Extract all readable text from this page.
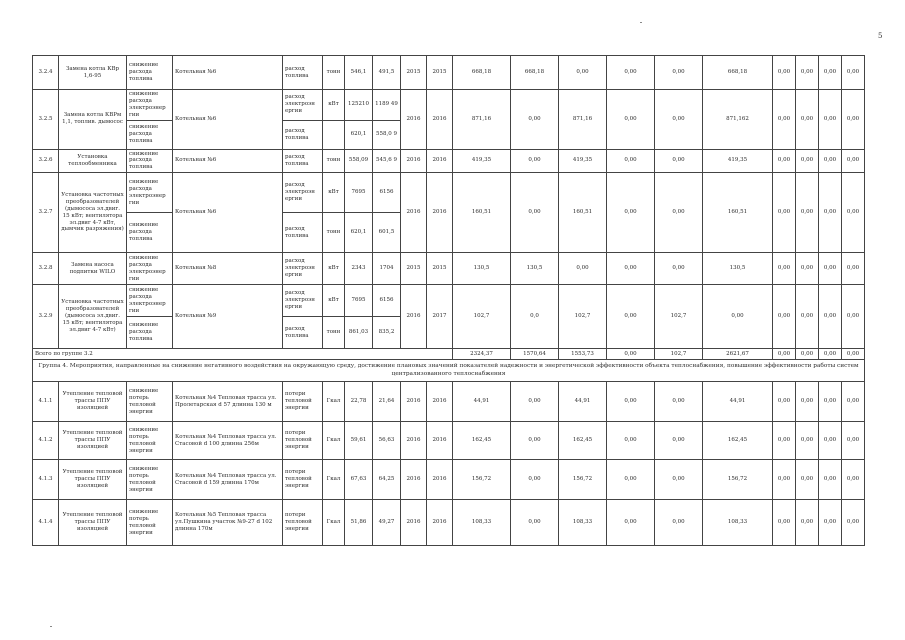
5
3.2.4	Замена котла КВр 1,6-95	снижение расхода топлива	Котельная №6	расход топлива	тонн	546,1	491,5	2015	2015	668,18	668,18	0,00	0,00	0,00	668,18	0,00	0,00	0,00	0,00
3.2.5	Замена котла КВРм 1,1, топлив. дымосос	снижение расхода электроэнер гии	Котельная №6	расход электроэн ергии	кВт	125210	1189 49	2016	2016	871,16	0,00	871,16	0,00	0,00	871,162	0,00	0,00	0,00	0,00
		снижение расхода топлива		расход топлива		620,1	558,0 9												
3.2.6	Установка теплообменника	снижение расхода топлива	Котельная №6	расход топлива	тонн	558,09	545,6 9	2016	2016	419,35	0,00	419,35	0,00	0,00	419,35	0,00	0,00	0,00	0,00
3.2.7	Установка частотных преобразователей (дымососа эл.двиг. 15 кВт; вентилятора эл.двиг 4-7 кВт, дымчик разряжения)	снижение расхода электроэнер гии	Котельная №6	расход электроэн ергии	кВт	7695	6156	2016	2016	160,51	0,00	160,51	0,00	0,00	160,51	0,00	0,00	0,00	0,00
		снижение расхода топлива		расход топлива	тонн	620,1	601,5												
3.2.8	Замена насоса подпитки WILO	снижение расхода электроэнер гии	Котельная №8	расход электроэн ергии	кВт	2343	1704	2015	2015	130,5	130,5	0,00	0,00	0,00	130,5	0,00	0,00	0,00	0,00
3.2.9	Установка частотных преобразователей (дымососа эл.двиг. 15 кВт; вентилятора эл.двиг 4-7 кВт)	снижение расхода электроэнер гии	Котельная №9	расход электроэн ергии	кВт	7695	6156	2016	2017	102,7	0,0	102,7	0,00	102,7	0,00	0,00	0,00	0,00	0,00
		снижение расхода топлива		расход топлива	тонн	861,03	835,2												
Всего по группе 3.2										2324,37	1570,64	1553,73	0,00	102,7	2621,67	0,00	0,00	0,00	0,00
Группа 4. Мероприятия, направленные на снижение негативного воздействия на окружающую среду, достижение плановых значений показателей надежности и энергетической эффективности объекта теплоснабжения, повышение эффективности работы систем централизованного теплоснабжения																			
4.1.1	Утепление тепловой трассы ППУ изоляцией	снижение потерь тепловой энергии	Котельная №4 Тепловая трасса ул. Пролетарская d 57 длинна 130 м	потери тепловой энергии	Гкал	22,78	21,64	2016	2016	44,91	0,00	44,91	0,00	0,00	44,91	0,00	0,00	0,00	0,00
4.1.2	Утепление тепловой трассы ППУ изоляцией	снижение потерь тепловой энергии	Котельная №4 Тепловая трасса ул. Стасовой d 100 длинна 256м	потери тепловой энергии	Гкал	59,61	56,63	2016	2016	162,45	0,00	162,45	0,00	0,00	162,45	0,00	0,00	0,00	0,00
4.1.3	Утепление тепловой трассы ППУ изоляцией	снижение потерь тепловой энергии	Котельная №4 Тепловая трасса ул. Стасовой d 159 длинна 170м	потери тепловой энергии	Гкал	67,63	64,25	2016	2016	156,72	0,00	156,72	0,00	0,00	156,72	0,00	0,00	0,00	0,00
4.1.4	Утепление тепловой трассы ППУ изоляцией	снижение потерь тепловой энергии	Котельная №5 Тепловая трасса ул.Пушкина участок №9-27 d 102 длинна 170м	потери тепловой энергии	Гкал	51,86	49,27	2016	2016	108,33	0,00	108,33	0,00	0,00	108,33	0,00	0,00	0,00	0,00
